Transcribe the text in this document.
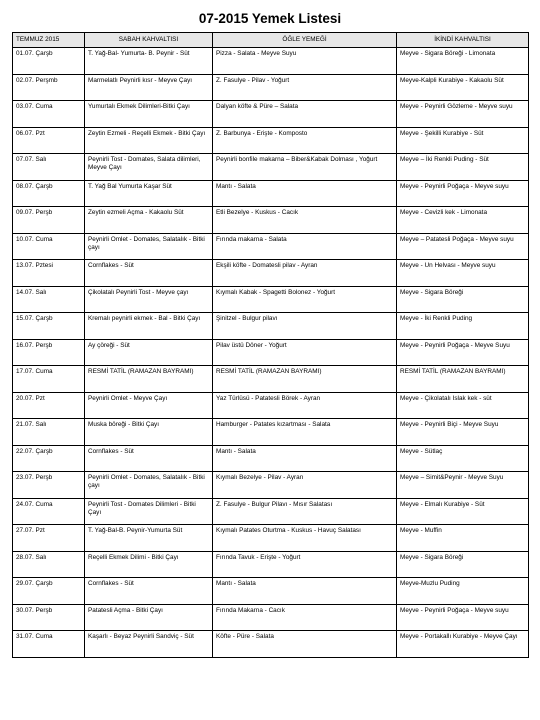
07-2015 Yemek Listesi
TEMMUZ 2015	SABAH KAHVALTISI	ÖĞLE YEMEĞİ	İKİNDİ KAHVALTISI
01.07. Çarşb	T. Yağ-Bal- Yumurta- B. Peynir - Süt	Pizza - Salata - Meyve Suyu	Meyve - Sigara Böreği - Limonata
02.07. Perşmb	Marmelatlı Peynirli kısr - Meyve Çayı	Z. Fasulye - Pilav - Yoğurt	Meyve-Kalpli Kurabiye - Kakaolu Süt
03.07. Cuma	Yumurtalı Ekmek Dilimleri-Bitki Çayı	Dalyan köfte & Püre – Salata	Meyve - Peynirli Gözleme - Meyve suyu
06.07. Pzt	Zeytin Ezmeli - Reçelli Ekmek - Bitki Çayı	Z. Barbunya - Erişte - Komposto	Meyve - Şekilli Kurabiye - Süt
07.07. Salı	Peynirli Tost - Domates, Salata dilimleri, Meyve Çayı	Peynirli bonfile makarna – Biber&Kabak Dolması , Yoğurt	Meyve – İki Renkli Puding - Süt
08.07. Çarşb	T. Yağ Bal Yumurta Kaşar Süt	Mantı - Salata	Meyve - Peynirli Poğaça - Meyve suyu
09.07. Perşb	Zeytin ezmeli Açma - Kakaolu Süt	Etli Bezelye - Kuskus - Cacık	Meyve - Cevizli kek - Limonata
10.07. Cuma	Peynirli Omlet - Domates, Salatalık - Bitki çayı	Fırında makarna - Salata	Meyve – Patatesli Poğaça - Meyve suyu
13.07. Pztesi	Cornflakes - Süt	Ekşili köfte - Domatesli pilav - Ayran	Meyve - Un Helvası - Meyve suyu
14.07. Salı	Çikolatalı Peynirli Tost - Meyve çayı	Kıymalı Kabak - Spagetti Bolonez - Yoğurt	Meyve - Sigara Böreği
15.07. Çarşb	Kremalı peynirli ekmek - Bal - Bitki Çayı	Şinitzel - Bulgur pilavı	Meyve - İki Renkli Puding
16.07. Perşb	Ay çöreği - Süt	Pilav üstü Döner - Yoğurt	Meyve - Peynirli Poğaça - Meyve Suyu
17.07. Cuma	RESMİ TATİL (RAMAZAN BAYRAMI)	RESMİ TATİL (RAMAZAN BAYRAMI)	RESMİ TATİL (RAMAZAN BAYRAMI)
20.07. Pzt	Peynirli Omlet - Meyve Çayı	Yaz Türlüsü - Patatesli Börek - Ayran	Meyve - Çikolatalı Islak kek - süt
21.07. Salı	Muska böreği - Bitki Çayı	Hamburger - Patates kızartması - Salata	Meyve - Peynirli Biçi - Meyve Suyu
22.07. Çarşb	Cornflakes - Süt	Mantı - Salata	Meyve - Sütlaç
23.07. Perşb	Peynirli Omlet - Domates, Salatalık - Bitki çayı	Kıymalı Bezelye - Pilav - Ayran	Meyve – Simit&Peynir - Meyve Suyu
24.07. Cuma	Peynirli Tost - Domates Dilimleri - Bitki Çayı	Z. Fasulye - Bulgur Pilavı - Mısır Salatası	Meyve - Elmalı Kurabiye - Süt
27.07. Pzt	T. Yağ-Bal-B. Peynir-Yumurta Süt	Kıymalı Patates Oturtma - Kuskus - Havuç Salatası	Meyve - Muffin
28.07. Salı	Reçelli Ekmek Dilimi - Bitki Çayı	Fırında Tavuk - Erişte - Yoğurt	Meyve - Sigara Böreği
29.07. Çarşb	Cornflakes - Süt	Mantı - Salata	Meyve-Muzlu Puding
30.07. Perşb	Patatesli Açma - Bitki Çayı	Fırında Makarna - Cacık	Meyve - Peynirli Poğaça - Meyve suyu
31.07. Cuma	Kaşarlı - Beyaz Peynirli Sandviç - Süt	Köfte - Püre - Salata	Meyve - Portakallı Kurabiye - Meyve Çayı
